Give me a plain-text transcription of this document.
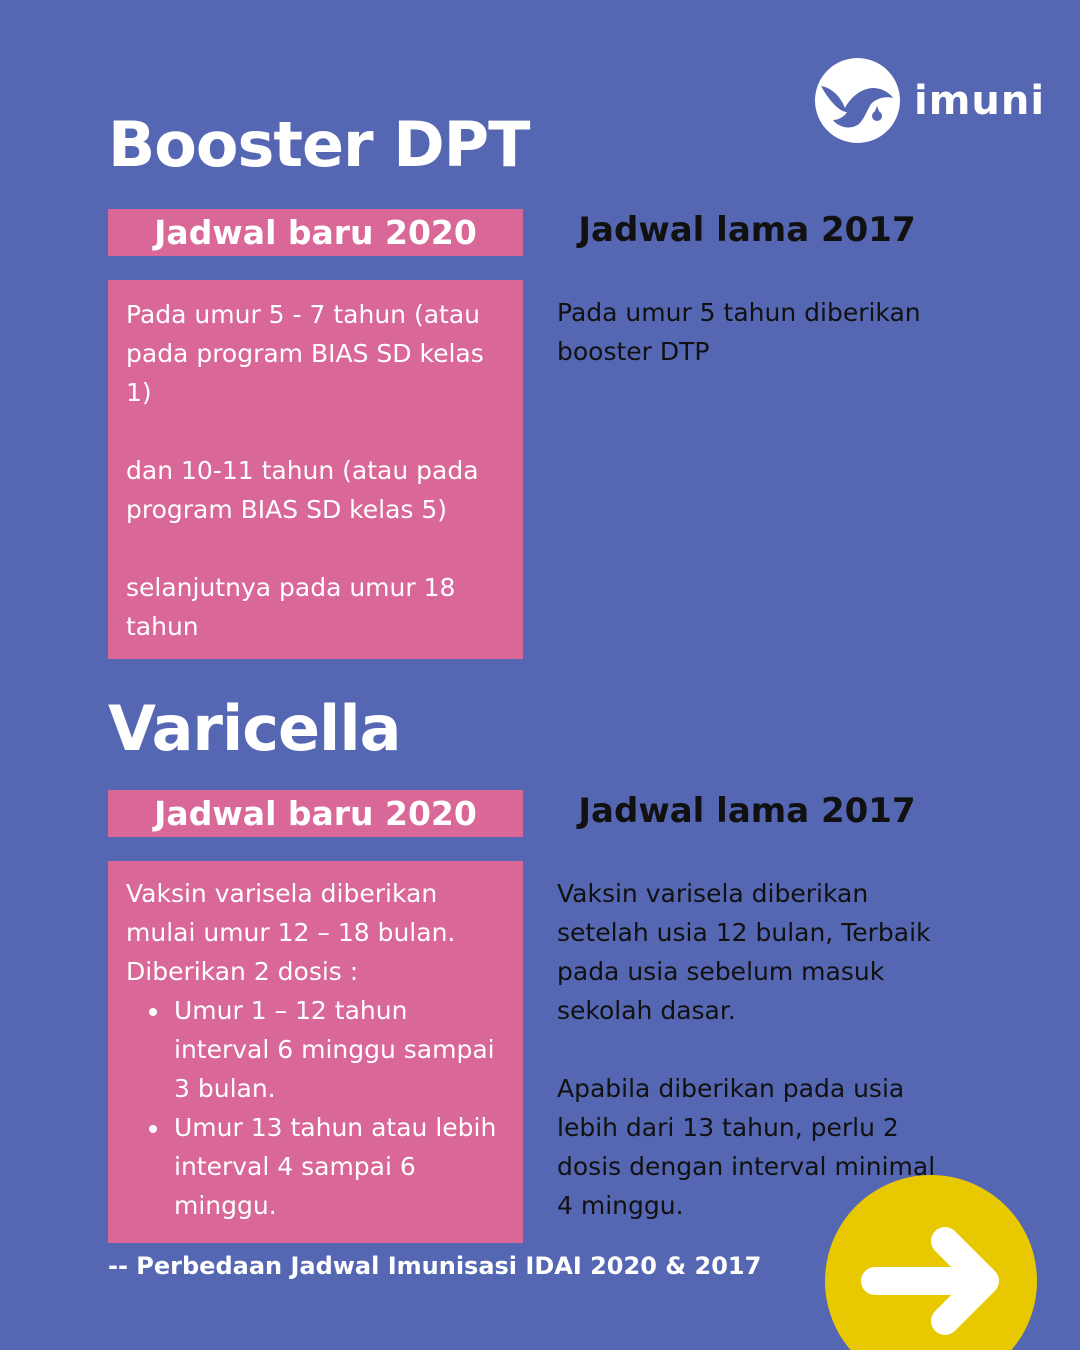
imuni
Booster DPT
Jadwal baru 2020	Jadwal lama 2017

Pada umur 5 - 7 tahun (atau pada program BIAS SD kelas 1)

dan 10-11 tahun (atau pada program BIAS SD kelas 5)

selanjutnya pada umur 18 tahun

Pada umur 5 tahun diberikan booster DTP

Varicella
Jadwal baru 2020	Jadwal lama 2017

Vaksin varisela diberikan mulai umur 12 – 18 bulan. Diberikan 2 dosis :

Umur 1 – 12 tahun interval 6 minggu sampai 3 bulan.
Umur 13 tahun atau lebih interval 4 sampai 6 minggu.

Vaksin varisela diberikan setelah usia 12 bulan, Terbaik pada usia sebelum masuk sekolah dasar.

Apabila diberikan pada usia lebih dari 13 tahun, perlu 2 dosis dengan interval minimal 4 minggu.

-- Perbedaan Jadwal Imunisasi IDAI 2020 & 2017
